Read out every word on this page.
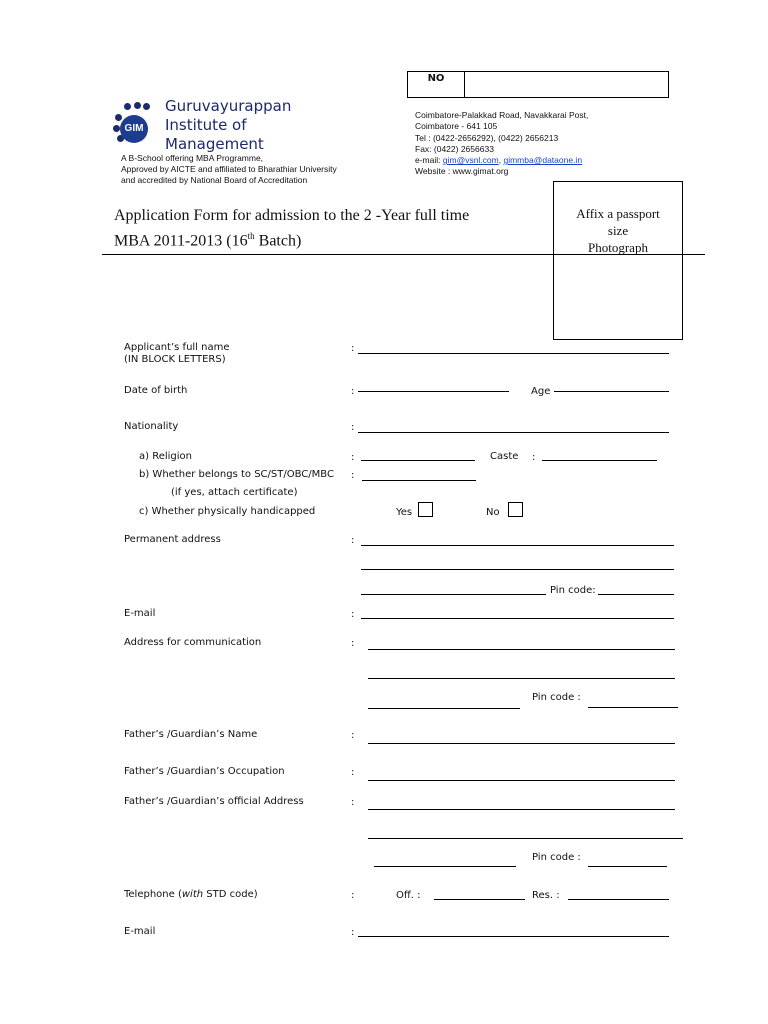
NO
GIM
Guruvayurappan
Institute of
Management
A B-School offering MBA Programme,
Approved by AICTE and affiliated to Bharathiar University
and accredited by National Board of Accreditation
Coimbatore-Palakkad Road, Navakkarai Post,
Coimbatore - 641 105
Tel : (0422-2656292), (0422) 2656213
Fax: (0422) 2656633
e-mail: gim@vsnl.com, gimmba@dataone.in
Website : www.gimat.org
Application Form for admission to the 2 -Year full time
MBA 2011-2013 (16th Batch)
Affix a passport
size
Photograph
Applicant’s full name
(IN BLOCK LETTERS)
:
Date of birth	:	Age
Nationality	:
a) Religion	:	Caste :
b) Whether belongs to SC/ST/OBC/MBC :
(if yes, attach certificate)
c) Whether physically handicapped	Yes	No
Permanent address	:
Pin code:
E-mail	:
Address for communication	:
Pin code :
Father’s /Guardian’s Name	:
Father’s /Guardian’s Occupation	:
Father’s /Guardian’s official Address	:
Pin code :
Telephone (with STD code)	:	Off. :	Res. :
E-mail	:
